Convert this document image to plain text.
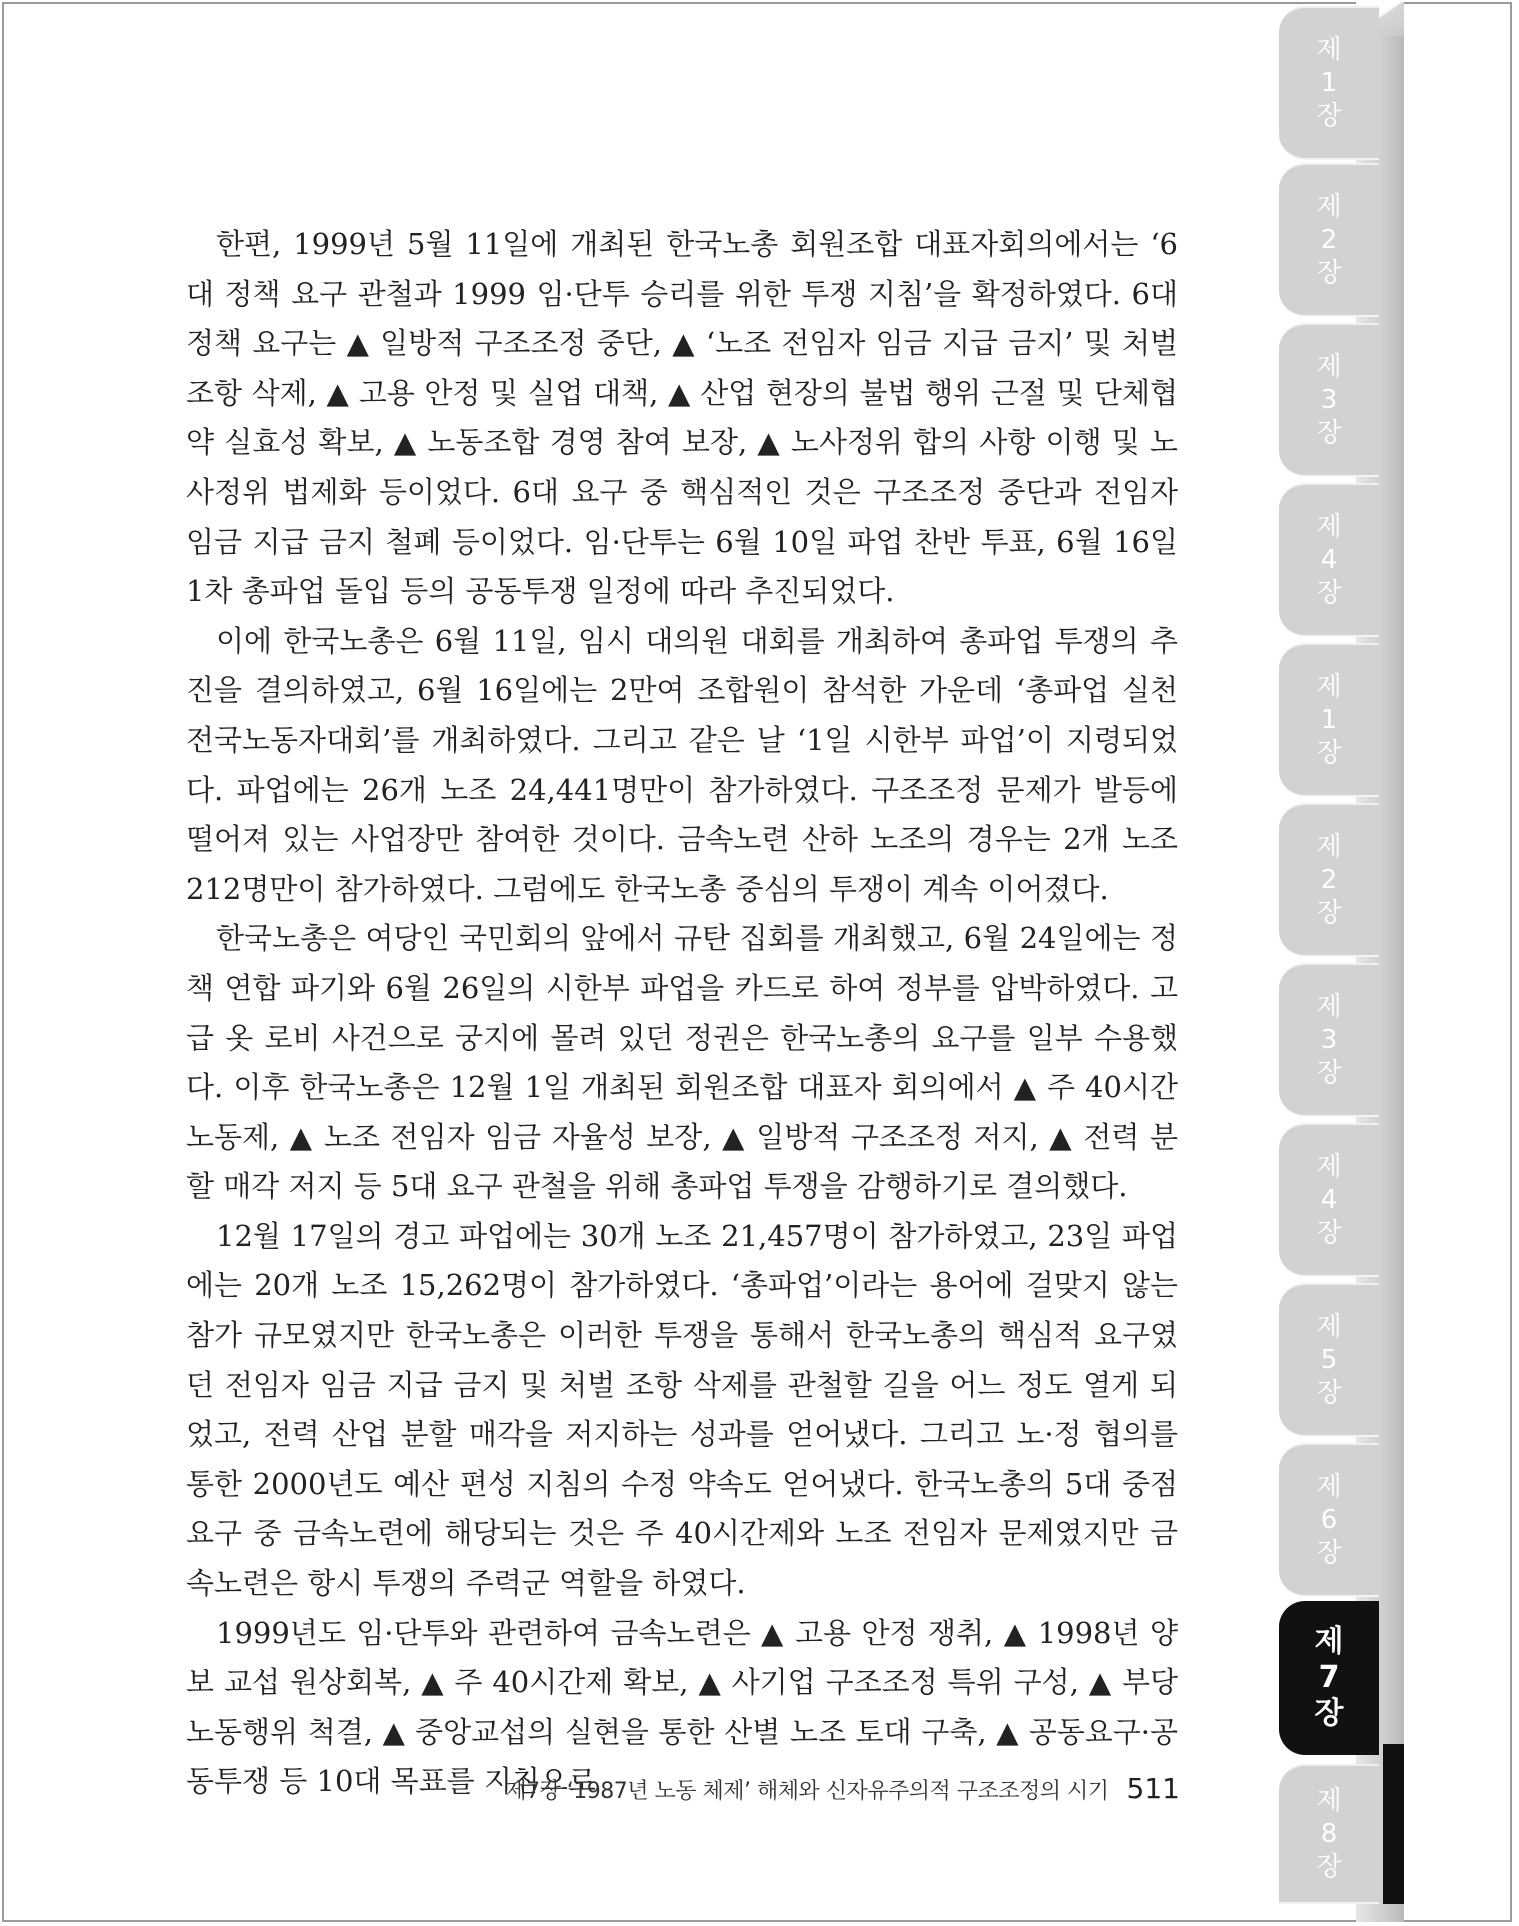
제1장
제2장
제3장
제4장
제1장
제2장
제3장
제4장
제5장
제6장
제7장
제8장

한편, 1999년 5월 11일에 개최된 한국노총 회원조합 대표자회의에서는 ‘6대 정책 요구 관철과 1999 임·단투 승리를 위한 투쟁 지침’을 확정하였다. 6대 정책 요구는 ▲ 일방적 구조조정 중단, ▲ ‘노조 전임자 임금 지급 금지’ 및 처벌 조항 삭제, ▲ 고용 안정 및 실업 대책, ▲ 산업 현장의 불법 행위 근절 및 단체협약 실효성 확보, ▲ 노동조합 경영 참여 보장, ▲ 노사정위 합의 사항 이행 및 노사정위 법제화 등이었다. 6대 요구 중 핵심적인 것은 구조조정 중단과 전임자 임금 지급 금지 철폐 등이었다. 임·단투는 6월 10일 파업 찬반 투표, 6월 16일 1차 총파업 돌입 등의 공동투쟁 일정에 따라 추진되었다.

이에 한국노총은 6월 11일, 임시 대의원 대회를 개최하여 총파업 투쟁의 추진을 결의하였고, 6월 16일에는 2만여 조합원이 참석한 가운데 ‘총파업 실천 전국노동자대회’를 개최하였다. 그리고 같은 날 ‘1일 시한부 파업’이 지령되었다. 파업에는 26개 노조 24,441명만이 참가하였다. 구조조정 문제가 발등에 떨어져 있는 사업장만 참여한 것이다. 금속노련 산하 노조의 경우는 2개 노조 212명만이 참가하였다. 그럼에도 한국노총 중심의 투쟁이 계속 이어졌다.

한국노총은 여당인 국민회의 앞에서 규탄 집회를 개최했고, 6월 24일에는 정책 연합 파기와 6월 26일의 시한부 파업을 카드로 하여 정부를 압박하였다. 고급 옷 로비 사건으로 궁지에 몰려 있던 정권은 한국노총의 요구를 일부 수용했다. 이후 한국노총은 12월 1일 개최된 회원조합 대표자 회의에서 ▲ 주 40시간 노동제, ▲ 노조 전임자 임금 자율성 보장, ▲ 일방적 구조조정 저지, ▲ 전력 분할 매각 저지 등 5대 요구 관철을 위해 총파업 투쟁을 감행하기로 결의했다.

12월 17일의 경고 파업에는 30개 노조 21,457명이 참가하였고, 23일 파업에는 20개 노조 15,262명이 참가하였다. ‘총파업’이라는 용어에 걸맞지 않는 참가 규모였지만 한국노총은 이러한 투쟁을 통해서 한국노총의 핵심적 요구였던 전임자 임금 지급 금지 및 처벌 조항 삭제를 관철할 길을 어느 정도 열게 되었고, 전력 산업 분할 매각을 저지하는 성과를 얻어냈다. 그리고 노·정 협의를 통한 2000년도 예산 편성 지침의 수정 약속도 얻어냈다. 한국노총의 5대 중점 요구 중 금속노련에 해당되는 것은 주 40시간제와 노조 전임자 문제였지만 금속노련은 항시 투쟁의 주력군 역할을 하였다.

1999년도 임·단투와 관련하여 금속노련은 ▲ 고용 안정 쟁취, ▲ 1998년 양보 교섭 원상회복, ▲ 주 40시간제 확보, ▲ 사기업 구조조정 특위 구성, ▲ 부당노동행위 척결, ▲ 중앙교섭의 실현을 통한 산별 노조 토대 구축, ▲ 공동요구·공동투쟁 등 10대 목표를 지침으로

제7장 ‘1987년 노동 체제’ 해체와 신자유주의적 구조조정의 시기 511
